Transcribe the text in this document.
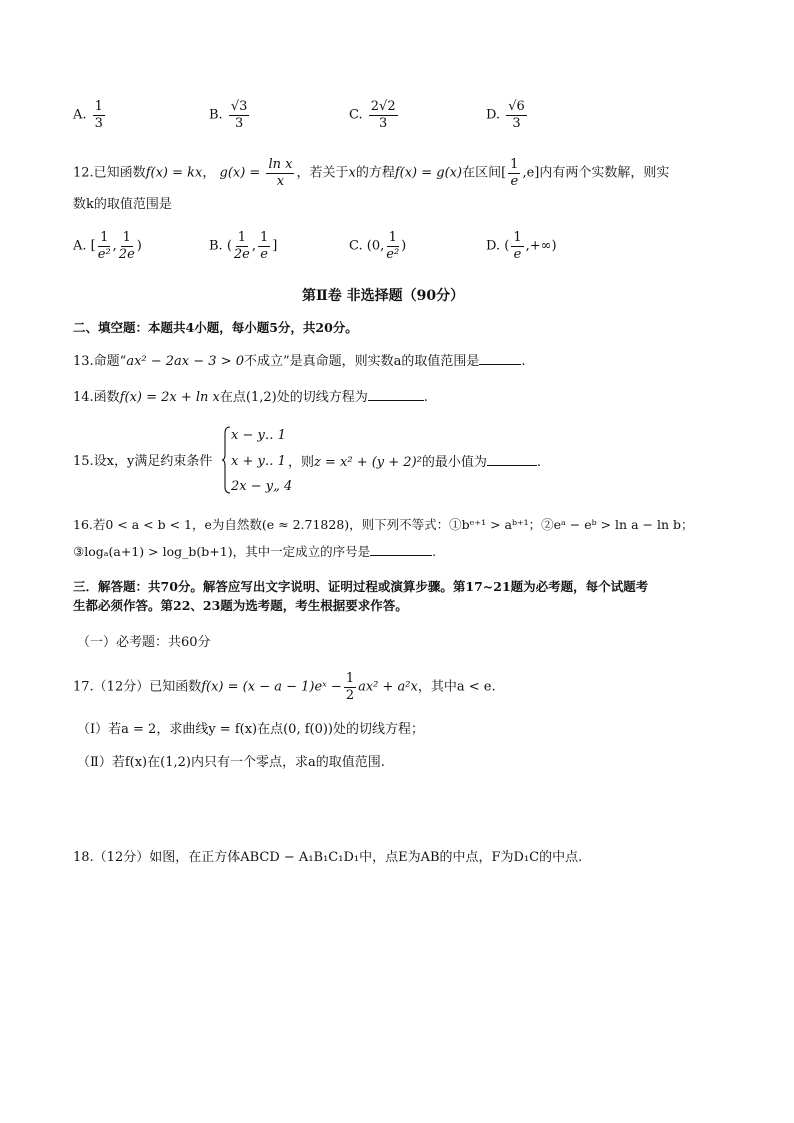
A. $\frac{1}{3}$	B. $\frac{√3}{3}$	C. $\frac{2√2}{3}$	D. $\frac{√6}{3}$
12.已知函数f(x) = kx， $g(x) = \frac{\text{ln x}}{x}$ ，若关于x的方程f(x) = g(x)在区间[ $\frac{1}{e} ,e$]内有两个实数解，则实
数k的取值范围是
A. [ $\frac{1}{\text{e²}}$ , $\frac{1}{2e}$ )	B. ( $\frac{1}{2e}$ , $\frac{1}{e}$ ]	C. (0, $\frac{1}{\text{e²}}$ )	D. ( $\frac{1}{e}$ ,+∞)
第Ⅱ卷 非选择题（90分）
二、填空题：本题共4小题，每小题5分，共20分。
13.命题“ax² − 2ax − 3 > 0不成立”是真命题，则实数a的取值范围是	.
14.函数f(x) = 2x + ln x在点(1,2)处的切线方程为	.
15.设x，y满足约束条件
x − y‥ 1
x + y‥ 1
2x − y„ 4
，则z = x² + (y + 2)²的最小值为	.
16.若0 < a < b < 1，e为自然数(e ≈ 2.71828)，则下列不等式：①bᵉ⁺¹ > aᵇ⁺¹；②eᵃ − eᵇ > ln a − ln b；
③logₐ(a+1) > log_b(b+1)，其中一定成立的序号是	.
三．解答题：共70分。解答应写出文字说明、证明过程或演算步骤。第17~21题为必考题，每个试题考
生都必须作答。第22、23题为选考题，考生根据要求作答。
（一）必考题：共60分
17.（12分）已知函数f(x) = (x − a − 1)eˣ − $\frac{1}{2} ax^2 + a^2x$，其中a < e.
（Ⅰ）若a = 2，求曲线y = f(x)在点(0, f(0))处的切线方程；
（Ⅱ）若f(x)在(1,2)内只有一个零点，求a的取值范围.
18.（12分）如图，在正方体ABCD − A₁B₁C₁D₁中，点E为AB的中点，F为D₁C的中点.
